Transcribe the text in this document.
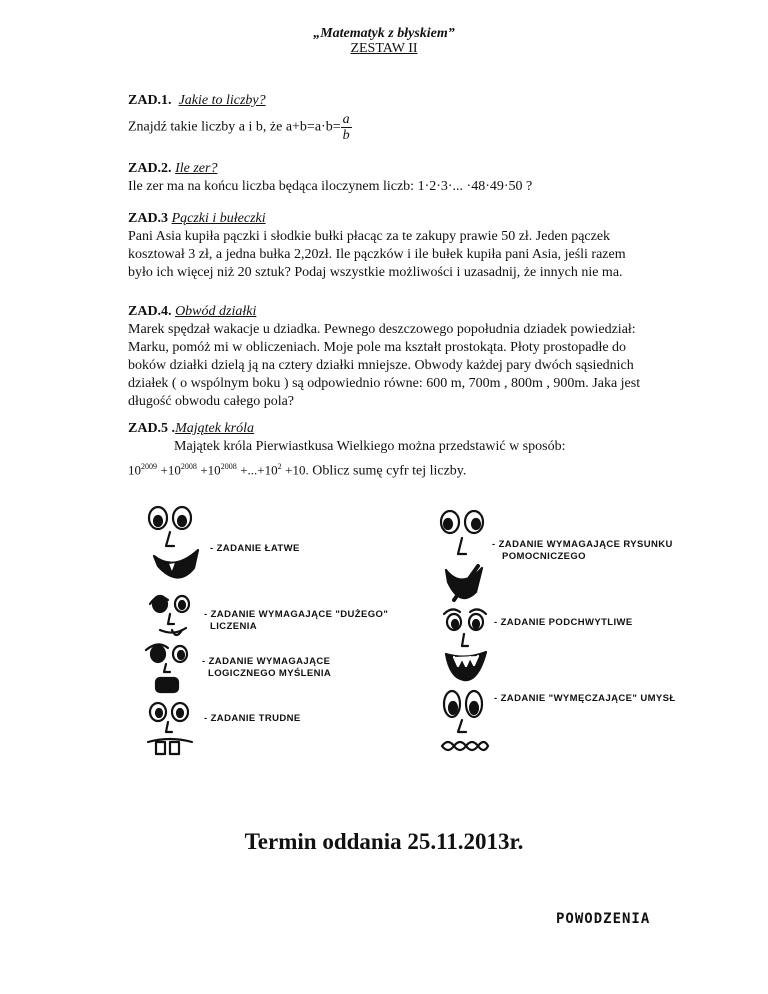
„Matematyk z błyskiem”
ZESTAW II

ZAD.1. Jakie to liczby?

Znajdź takie liczby a i b, że $a+b=a\cdot b= \frac{a}{b}$

ZAD.2. Ile zer?

Ile zer ma na końcu liczba będąca iloczynem liczb: 1·2·3·... ·48·49·50 ?

ZAD.3 Pączki i bułeczki

Pani Asia kupiła pączki i słodkie bułki płacąc za te zakupy prawie 50 zł. Jeden pączek kosztował 3 zł, a jedna bułka 2,20zł. Ile pączków i ile bułek kupiła pani Asia, jeśli razem było ich więcej niż 20 sztuk? Podaj wszystkie możliwości i uzasadnij, że innych nie ma.

ZAD.4. Obwód działki

Marek spędzał wakacje u dziadka. Pewnego deszczowego popołudnia dziadek powiedział: Marku, pomóż mi w obliczeniach. Moje pole ma kształt prostokąta. Płoty prostopadłe do boków działki dzielą ją na cztery działki mniejsze. Obwody każdej pary dwóch sąsiednich działek ( o wspólnym boku ) są odpowiednio równe: 600 m, 700m , 800m , 900m. Jaka jest długość obwodu całego pola?

ZAD.5 .Majątek króla

Majątek króla Pierwiastkusa Wielkiego można przedstawić w sposób:

$10^{2009} +10^{2008} +10^{2008} +...+10^2 +10$. Oblicz sumę cyfr tej liczby.

- ZADANIE ŁATWE
- ZADANIE WYMAGAJĄCE "DUŻEGO"
LICZENIA
- ZADANIE WYMAGAJĄCE
LOGICZNEGO MYŚLENIA
- ZADANIE TRUDNE
- ZADANIE WYMAGAJĄCE RYSUNKU
POMOCNICZEGO
- ZADANIE PODCHWYTLIWE
- ZADANIE "WYMĘCZAJĄCE" UMYSŁ
Termin oddania 25.11.2013r.
POWODZENIA
